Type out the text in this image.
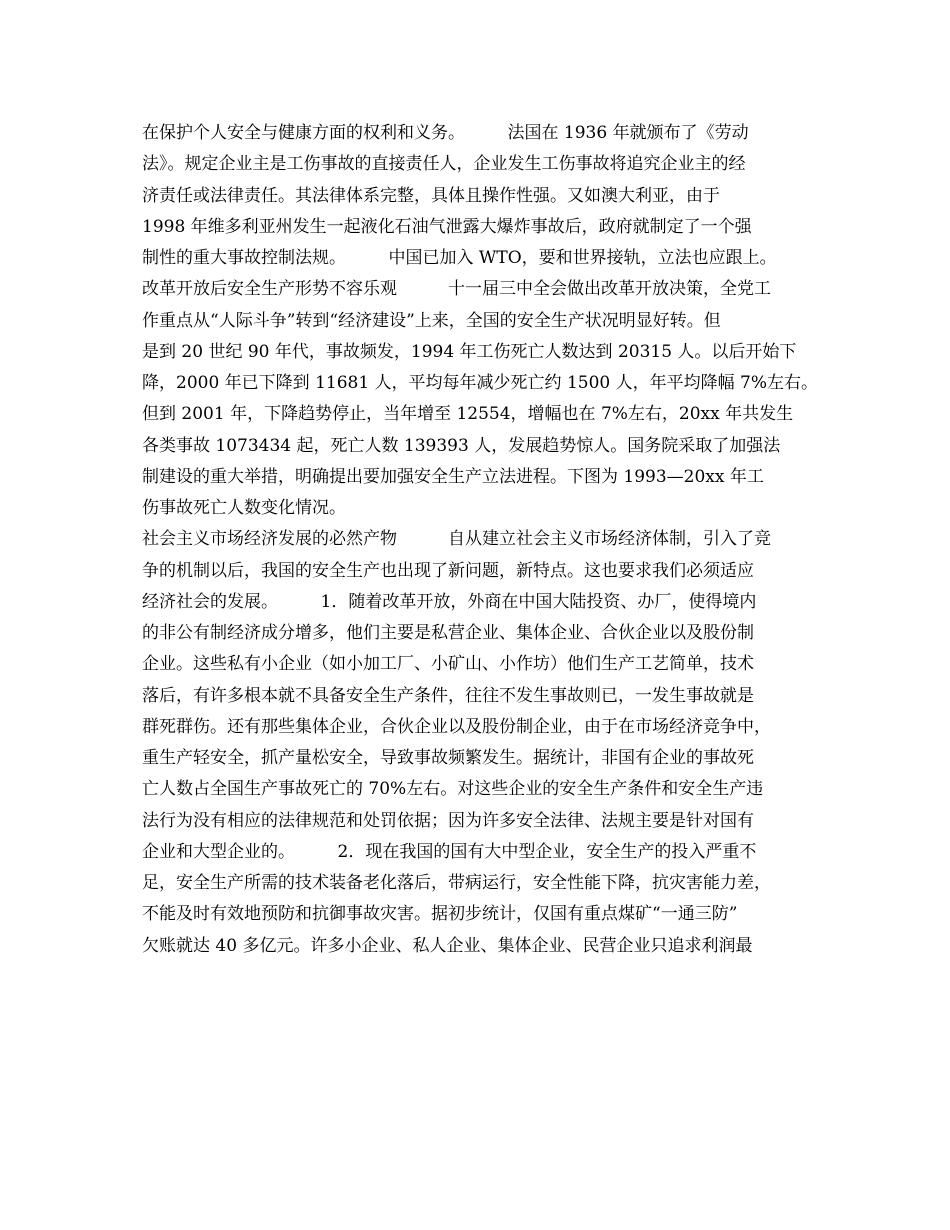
在保护个人安全与健康方面的权利和义务。　　　法国在 1936 年就颁布了《劳动
法》。规定企业主是工伤事故的直接责任人，企业发生工伤事故将追究企业主的经
济责任或法律责任。其法律体系完整，具体且操作性强。又如澳大利亚，由于
1998 年维多利亚州发生一起液化石油气泄露大爆炸事故后，政府就制定了一个强
制性的重大事故控制法规。　　　中国已加入 WTO，要和世界接轨，立法也应跟上。
改革开放后安全生产形势不容乐观　　　十一届三中全会做出改革开放决策，全党工
作重点从“人际斗争”转到“经济建设”上来，全国的安全生产状况明显好转。但
是到 20 世纪 90 年代，事故频发，1994 年工伤死亡人数达到 20315 人。以后开始下
降，2000 年已下降到 11681 人，平均每年减少死亡约 1500 人，年平均降幅 7%左右。
但到 2001 年，下降趋势停止，当年增至 12554，增幅也在 7%左右，20xx 年共发生
各类事故 1073434 起，死亡人数 139393 人，发展趋势惊人。国务院采取了加强法
制建设的重大举措，明确提出要加强安全生产立法进程。下图为 1993—20xx 年工
伤事故死亡人数变化情况。
社会主义市场经济发展的必然产物　　　自从建立社会主义市场经济体制，引入了竞
争的机制以后，我国的安全生产也出现了新问题，新特点。这也要求我们必须适应
经济社会的发展。　　　1．随着改革开放，外商在中国大陆投资、办厂，使得境内
的非公有制经济成分增多，他们主要是私营企业、集体企业、合伙企业以及股份制
企业。这些私有小企业（如小加工厂、小矿山、小作坊）他们生产工艺简单，技术
落后，有许多根本就不具备安全生产条件，往往不发生事故则已，一发生事故就是
群死群伤。还有那些集体企业，合伙企业以及股份制企业，由于在市场经济竞争中，
重生产轻安全，抓产量松安全，导致事故频繁发生。据统计，非国有企业的事故死
亡人数占全国生产事故死亡的 70%左右。对这些企业的安全生产条件和安全生产违
法行为没有相应的法律规范和处罚依据；因为许多安全法律、法规主要是针对国有
企业和大型企业的。　　　2．现在我国的国有大中型企业，安全生产的投入严重不
足，安全生产所需的技术装备老化落后，带病运行，安全性能下降，抗灾害能力差，
不能及时有效地预防和抗御事故灾害。据初步统计，仅国有重点煤矿“一通三防”
欠账就达 40 多亿元。许多小企业、私人企业、集体企业、民营企业只追求利润最
